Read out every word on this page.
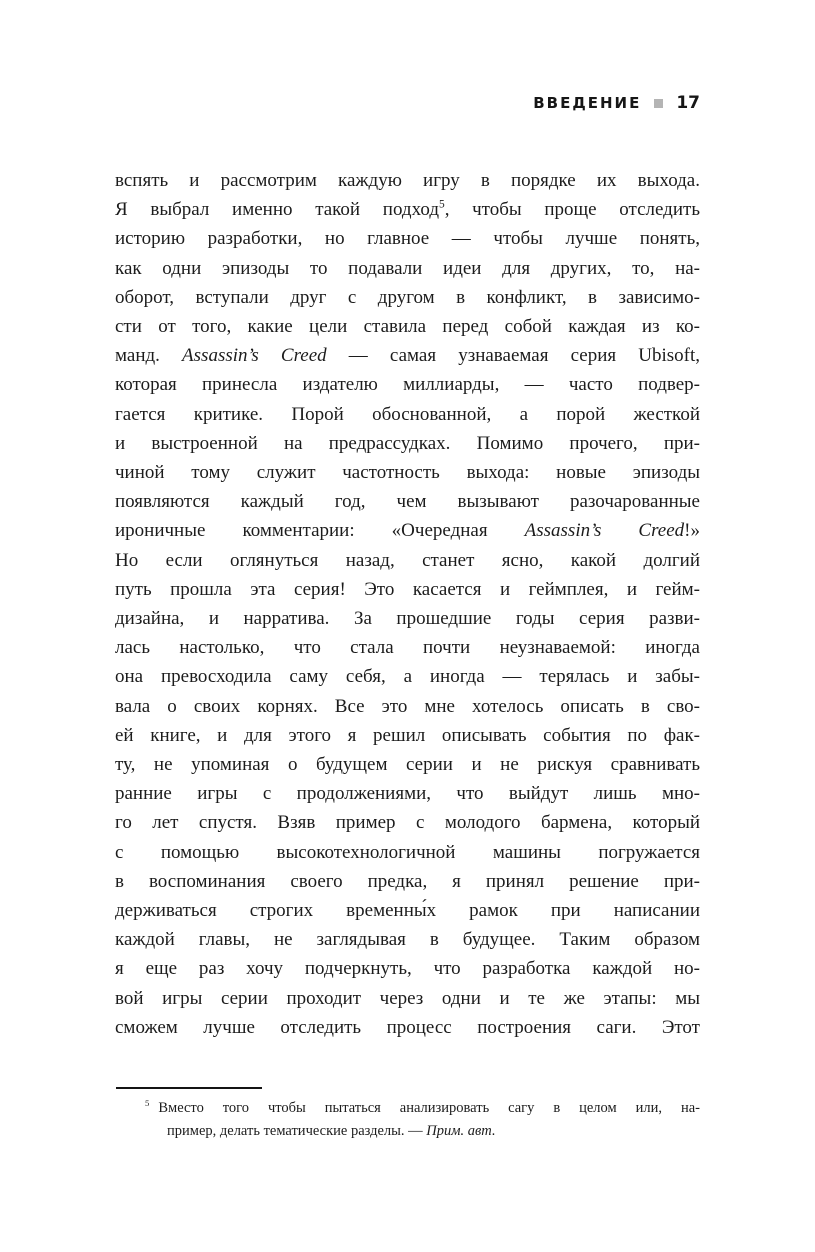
ВВЕДЕНИЕ 17
вспять и рассмотрим каждую игру в порядке их выхода.
Я выбрал именно такой подход$^5$, чтобы проще отследить
историю разработки, но главное — чтобы лучше понять,
как одни эпизоды то подавали идеи для других, то, на-
оборот, вступали друг с другом в конфликт, в зависимо-
сти от того, какие цели ставила перед собой каждая из ко-
манд. Assassin’s Creed — самая узнаваемая серия Ubisoft,
которая принесла издателю миллиарды, — часто подвер-
гается критике. Порой обоснованной, а порой жесткой
и выстроенной на предрассудках. Помимо прочего, при-
чиной тому служит частотность выхода: новые эпизоды
появляются каждый год, чем вызывают разочарованные
ироничные комментарии: «Очередная Assassin’s Creed!»
Но если оглянуться назад, станет ясно, какой долгий
путь прошла эта серия! Это касается и геймплея, и гейм-
дизайна, и нарратива. За прошедшие годы серия разви-
лась настолько, что стала почти неузнаваемой: иногда
она превосходила саму себя, а иногда — терялась и забы-
вала о своих корнях. Все это мне хотелось описать в сво-
ей книге, и для этого я решил описывать события по фак-
ту, не упоминая о будущем серии и не рискуя сравнивать
ранние игры с продолжениями, что выйдут лишь мно-
го лет спустя. Взяв пример с молодого бармена, который
с помощью высокотехнологичной машины погружается
в воспоминания своего предка, я принял решение при-
держиваться строгих временны́х рамок при написании
каждой главы, не заглядывая в будущее. Таким образом
я еще раз хочу подчеркнуть, что разработка каждой но-
вой игры серии проходит через одни и те же этапы: мы
сможем лучше отследить процесс построения саги. Этот
$^5$ Вместо того чтобы пытаться анализировать сагу в целом или, на-
пример, делать тематические разделы. — Прим. авт.
